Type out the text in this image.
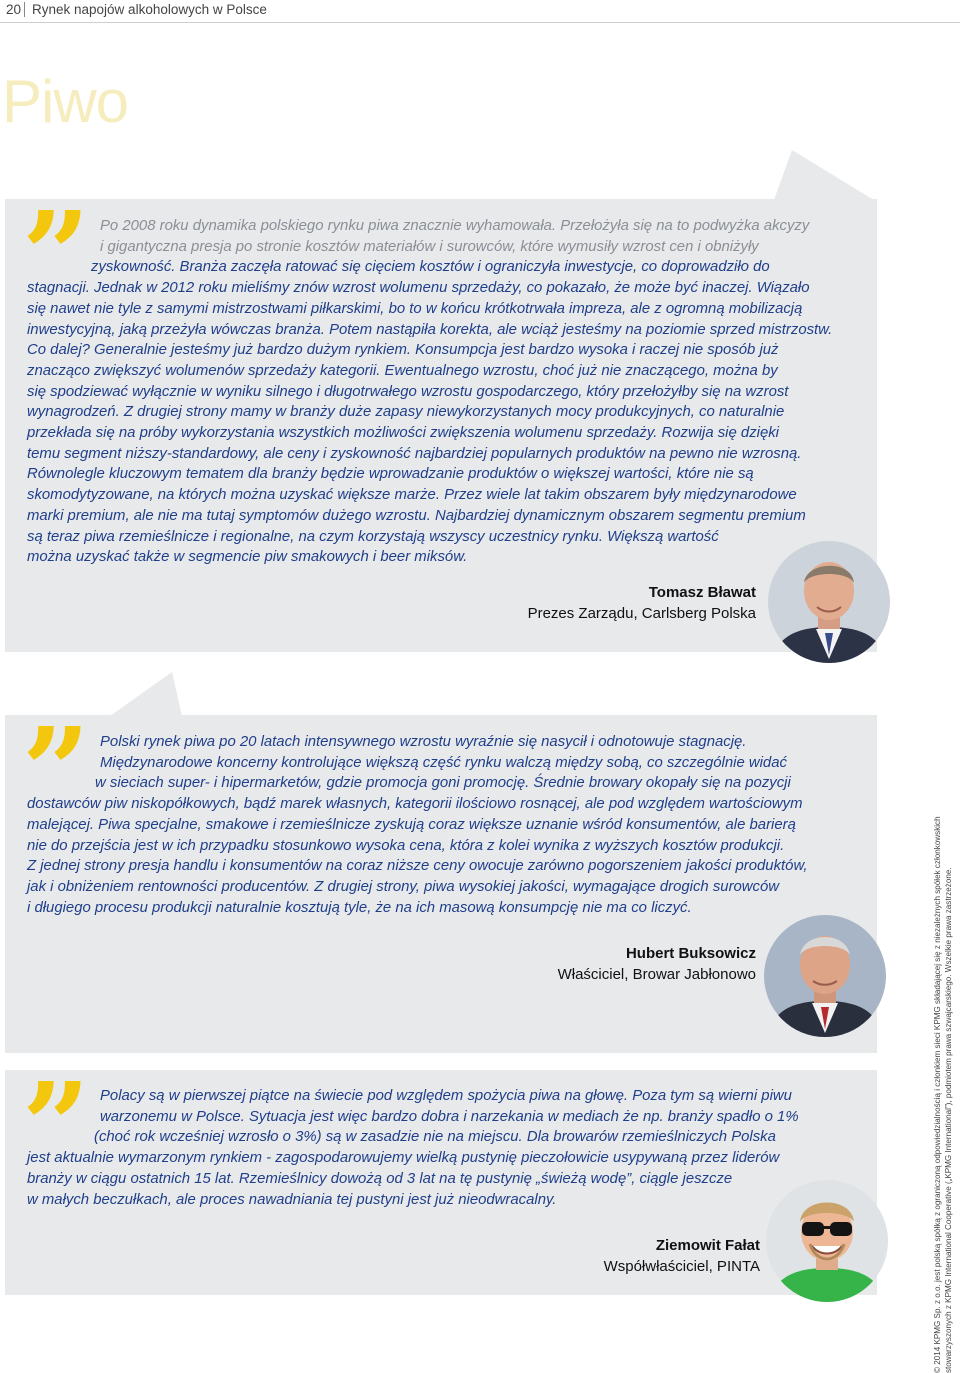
20 Rynek napojów alkoholowych w Polsce
Piwo
” Po 2008 roku dynamika polskiego rynku piwa znacznie wyhamowała. Przełożyła się na to podwyżka akcyzy
i gigantyczna presja po stronie kosztów materiałów i surowców, które wymusiły wzrost cen i obniżyły
zyskowność. Branża zaczęła ratować się cięciem kosztów i ograniczyła inwestycje, co doprowadziło do
stagnacji. Jednak w 2012 roku mieliśmy znów wzrost wolumenu sprzedaży, co pokazało, że może być inaczej. Wiązało
się nawet nie tyle z samymi mistrzostwami piłkarskimi, bo to w końcu krótkotrwała impreza, ale z ogromną mobilizacją
inwestycyjną, jaką przeżyła wówczas branża. Potem nastąpiła korekta, ale wciąż jesteśmy na poziomie sprzed mistrzostw.
Co dalej? Generalnie jesteśmy już bardzo dużym rynkiem. Konsumpcja jest bardzo wysoka i raczej nie sposób już
znacząco zwiększyć wolumenów sprzedaży kategorii. Ewentualnego wzrostu, choć już nie znaczącego, można by
się spodziewać wyłącznie w wyniku silnego i długotrwałego wzrostu gospodarczego, który przełożyłby się na wzrost
wynagrodzeń. Z drugiej strony mamy w branży duże zapasy niewykorzystanych mocy produkcyjnych, co naturalnie
przekłada się na próby wykorzystania wszystkich możliwości zwiększenia wolumenu sprzedaży. Rozwija się dzięki
temu segment niższy-standardowy, ale ceny i zyskowność najbardziej popularnych produktów na pewno nie wzrosną.
Równolegle kluczowym tematem dla branży będzie wprowadzanie produktów o większej wartości, które nie są
skomodytyzowane, na których można uzyskać większe marże. Przez wiele lat takim obszarem były międzynarodowe
marki premium, ale nie ma tutaj symptomów dużego wzrostu. Najbardziej dynamicznym obszarem segmentu premium
są teraz piwa rzemieślnicze i regionalne, na czym korzystają wszyscy uczestnicy rynku. Większą wartość
można uzyskać także w segmencie piw smakowych i beer miksów.
Tomasz Bławat
Prezes Zarządu, Carlsberg Polska
” Polski rynek piwa po 20 latach intensywnego wzrostu wyraźnie się nasycił i odnotowuje stagnację.
Międzynarodowe koncerny kontrolujące większą część rynku walczą między sobą, co szczególnie widać
w sieciach super- i hipermarketów, gdzie promocja goni promocję. Średnie browary okopały się na pozycji
dostawców piw niskopółkowych, bądź marek własnych, kategorii ilościowo rosnącej, ale pod względem wartościowym
malejącej. Piwa specjalne, smakowe i rzemieślnicze zyskują coraz większe uznanie wśród konsumentów, ale barierą
nie do przejścia jest w ich przypadku stosunkowo wysoka cena, która z kolei wynika z wyższych kosztów produkcji.
Z jednej strony presja handlu i konsumentów na coraz niższe ceny owocuje zarówno pogorszeniem jakości produktów,
jak i obniżeniem rentowności producentów. Z drugiej strony, piwa wysokiej jakości, wymagające drogich surowców
i długiego procesu produkcji naturalnie kosztują tyle, że na ich masową konsumpcję nie ma co liczyć.
Hubert Buksowicz
Właściciel, Browar Jabłonowo
” Polacy są w pierwszej piątce na świecie pod względem spożycia piwa na głowę. Poza tym są wierni piwu
warzonemu w Polsce. Sytuacja jest więc bardzo dobra i narzekania w mediach że np. branży spadło o 1%
(choć rok wcześniej wzrosło o 3%) są w zasadzie nie na miejscu. Dla browarów rzemieślniczych Polska
jest aktualnie wymarzonym rynkiem - zagospodarowujemy wielką pustynię pieczołowicie usypywaną przez liderów
branży w ciągu ostatnich 15 lat. Rzemieślnicy dowożą od 3 lat na tę pustynię „świeżą wodę”, ciągle jeszcze
w małych beczułkach, ale proces nawadniania tej pustyni jest już nieodwracalny.
Ziemowit Fałat
Współwłaściciel, PINTA	© 2014 KPMG Sp. z o.o. jest polską spółką z ograniczoną odpowiedzialnością i członkiem sieci KPMG składającej się z niezależnych spółek członkowskich stowarzyszonych z KPMG International Cooperative („KPMG International”), podmiotem prawa szwajcarskiego. Wszelkie prawa zastrzeżone.
